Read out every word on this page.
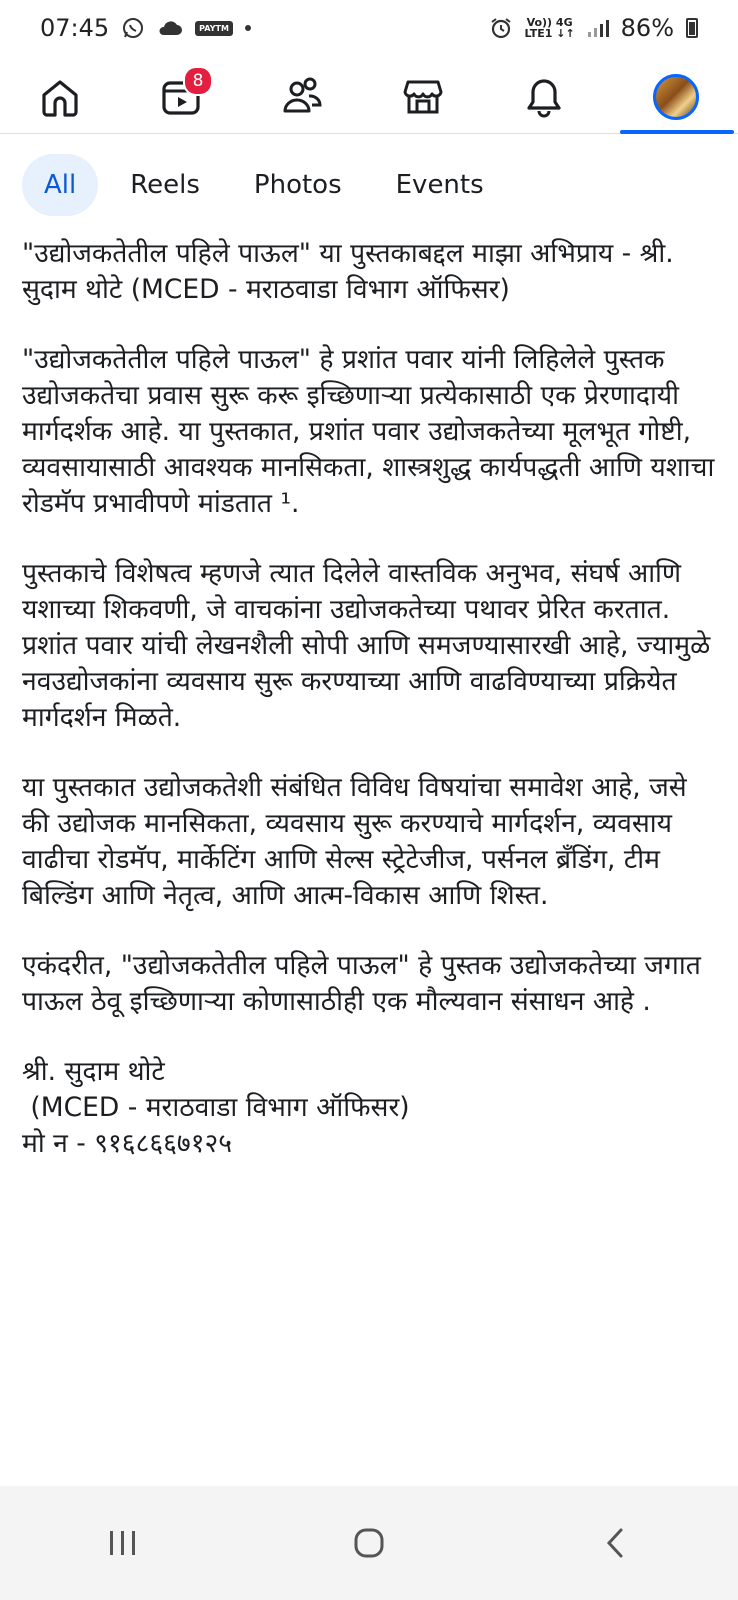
07:45	PAYTM	Vo)) 4G
LTE1 ↓↑ 86%
8
All	Reels	Photos	Events

"उद्योजकतेतील पहिले पाऊल" या पुस्तकाबद्दल माझा अभिप्राय - श्री. सुदाम थोटे (MCED - मराठवाडा विभाग ऑफिसर)

"उद्योजकतेतील पहिले पाऊल" हे प्रशांत पवार यांनी लिहिलेले पुस्तक उद्योजकतेचा प्रवास सुरू करू इच्छिणाऱ्या प्रत्येकासाठी एक प्रेरणादायी मार्गदर्शक आहे. या पुस्तकात, प्रशांत पवार उद्योजकतेच्या मूलभूत गोष्टी, व्यवसायासाठी आवश्यक मानसिकता, शास्त्रशुद्ध कार्यपद्धती आणि यशाचा रोडमॅप प्रभावीपणे मांडतात ¹.

पुस्तकाचे विशेषत्व म्हणजे त्यात दिलेले वास्तविक अनुभव, संघर्ष आणि यशाच्या शिकवणी, जे वाचकांना उद्योजकतेच्या पथावर प्रेरित करतात. प्रशांत पवार यांची लेखनशैली सोपी आणि समजण्यासारखी आहे, ज्यामुळे नवउद्योजकांना व्यवसाय सुरू करण्याच्या आणि वाढविण्याच्या प्रक्रियेत मार्गदर्शन मिळते.

या पुस्तकात उद्योजकतेशी संबंधित विविध विषयांचा समावेश आहे, जसे की उद्योजक मानसिकता, व्यवसाय सुरू करण्याचे मार्गदर्शन, व्यवसाय वाढीचा रोडमॅप, मार्केटिंग आणि सेल्स स्ट्रेटेजीज, पर्सनल ब्रँडिंग, टीम बिल्डिंग आणि नेतृत्व, आणि आत्म-विकास आणि शिस्त.

एकंदरीत, "उद्योजकतेतील पहिले पाऊल" हे पुस्तक उद्योजकतेच्या जगात पाऊल ठेवू इच्छिणाऱ्या कोणासाठीही एक मौल्यवान संसाधन आहे .

श्री. सुदाम थोटे
(MCED - मराठवाडा विभाग ऑफिसर)
मो न - ९१६८६६७१२५
